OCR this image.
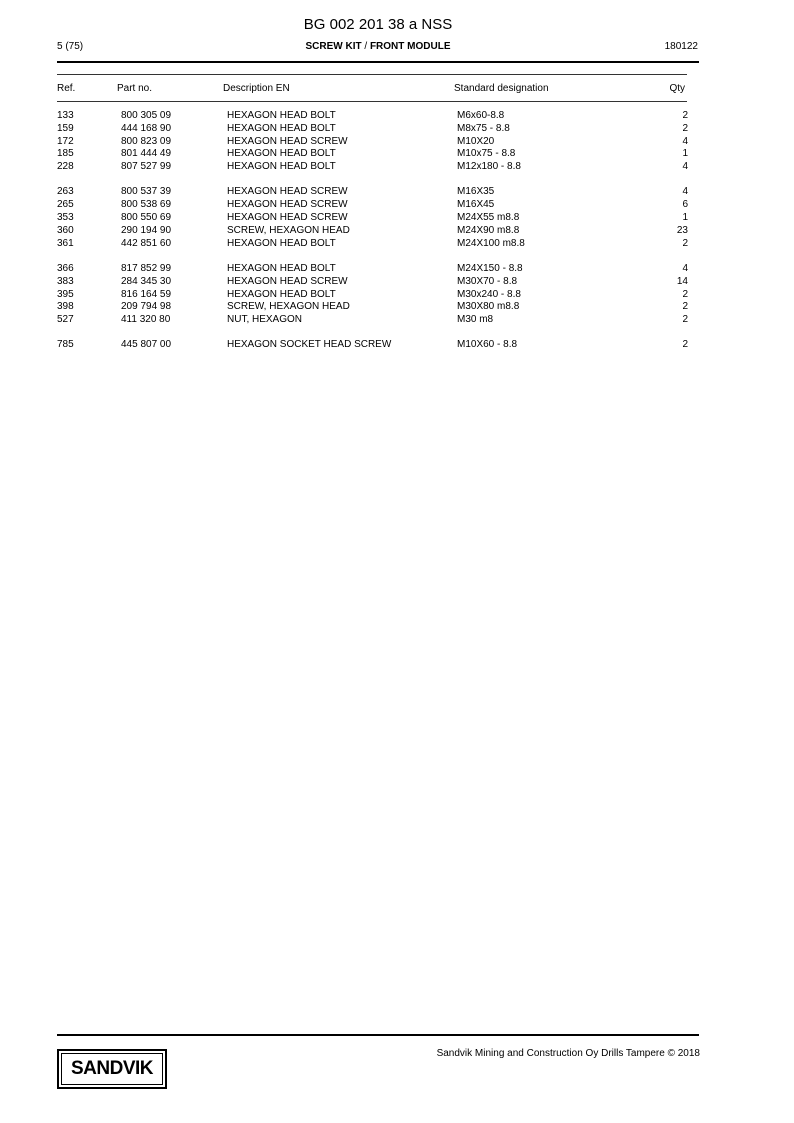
BG 002 201 38 a NSS
5 (75)	SCREW KIT / FRONT MODULE	180122
Ref.	Part no.	Description EN	Standard designation	Qty
133	800 305 09	HEXAGON HEAD BOLT	M6x60-8.8	2
159	444 168 90	HEXAGON HEAD BOLT	M8x75 - 8.8	2
172	800 823 09	HEXAGON HEAD SCREW	M10X20	4
185	801 444 49	HEXAGON HEAD BOLT	M10x75 - 8.8	1
228	807 527 99	HEXAGON HEAD BOLT	M12x180 - 8.8	4
263	800 537 39	HEXAGON HEAD SCREW	M16X35	4
265	800 538 69	HEXAGON HEAD SCREW	M16X45	6
353	800 550 69	HEXAGON HEAD SCREW	M24X55 m8.8	1
360	290 194 90	SCREW, HEXAGON HEAD	M24X90 m8.8	23
361	442 851 60	HEXAGON HEAD BOLT	M24X100 m8.8	2
366	817 852 99	HEXAGON HEAD BOLT	M24X150 - 8.8	4
383	284 345 30	HEXAGON HEAD SCREW	M30X70 - 8.8	14
395	816 164 59	HEXAGON HEAD BOLT	M30x240 - 8.8	2
398	209 794 98	SCREW, HEXAGON HEAD	M30X80 m8.8	2
527	411 320 80	NUT, HEXAGON	M30 m8	2
785	445 807 00	HEXAGON SOCKET HEAD SCREW	M10X60 - 8.8	2
SANDVIK
Sandvik Mining and Construction Oy Drills Tampere © 2018
